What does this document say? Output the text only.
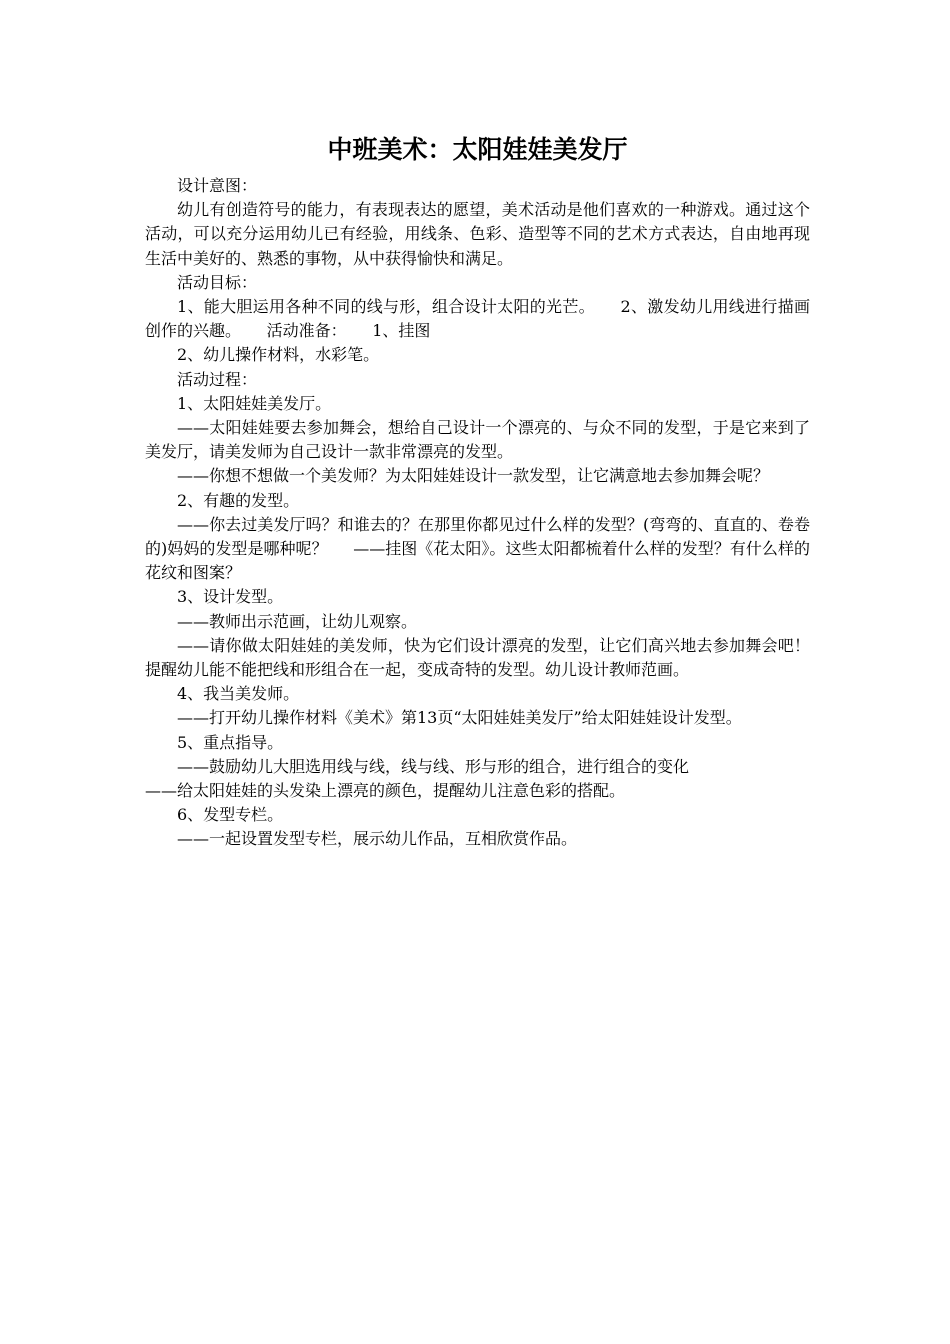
中班美术：太阳娃娃美发厅

设计意图：

幼儿有创造符号的能力，有表现表达的愿望，美术活动是他们喜欢的一种游戏。通过这个活动，可以充分运用幼儿已有经验，用线条、色彩、造型等不同的艺术方式表达，自由地再现生活中美好的、熟悉的事物，从中获得愉快和满足。

活动目标：

1、能大胆运用各种不同的线与形，组合设计太阳的光芒。 2、激发幼儿用线进行描画创作的兴趣。 活动准备： 1、挂图

2、幼儿操作材料，水彩笔。

活动过程：

1、太阳娃娃美发厅。

——太阳娃娃要去参加舞会，想给自己设计一个漂亮的、与众不同的发型，于是它来到了美发厅，请美发师为自己设计一款非常漂亮的发型。

——你想不想做一个美发师？为太阳娃娃设计一款发型，让它满意地去参加舞会呢？

2、有趣的发型。

——你去过美发厅吗？和谁去的？在那里你都见过什么样的发型？(弯弯的、直直的、卷卷的)妈妈的发型是哪种呢？ ——挂图《花太阳》。这些太阳都梳着什么样的发型？有什么样的花纹和图案？

3、设计发型。

——教师出示范画，让幼儿观察。

——请你做太阳娃娃的美发师，快为它们设计漂亮的发型，让它们高兴地去参加舞会吧！提醒幼儿能不能把线和形组合在一起，变成奇特的发型。幼儿设计教师范画。

4、我当美发师。

——打开幼儿操作材料《美术》第13页“太阳娃娃美发厅”给太阳娃娃设计发型。

5、重点指导。

——鼓励幼儿大胆选用线与线，线与线、形与形的组合，进行组合的变化

——给太阳娃娃的头发染上漂亮的颜色，提醒幼儿注意色彩的搭配。

6、发型专栏。

——一起设置发型专栏，展示幼儿作品，互相欣赏作品。
